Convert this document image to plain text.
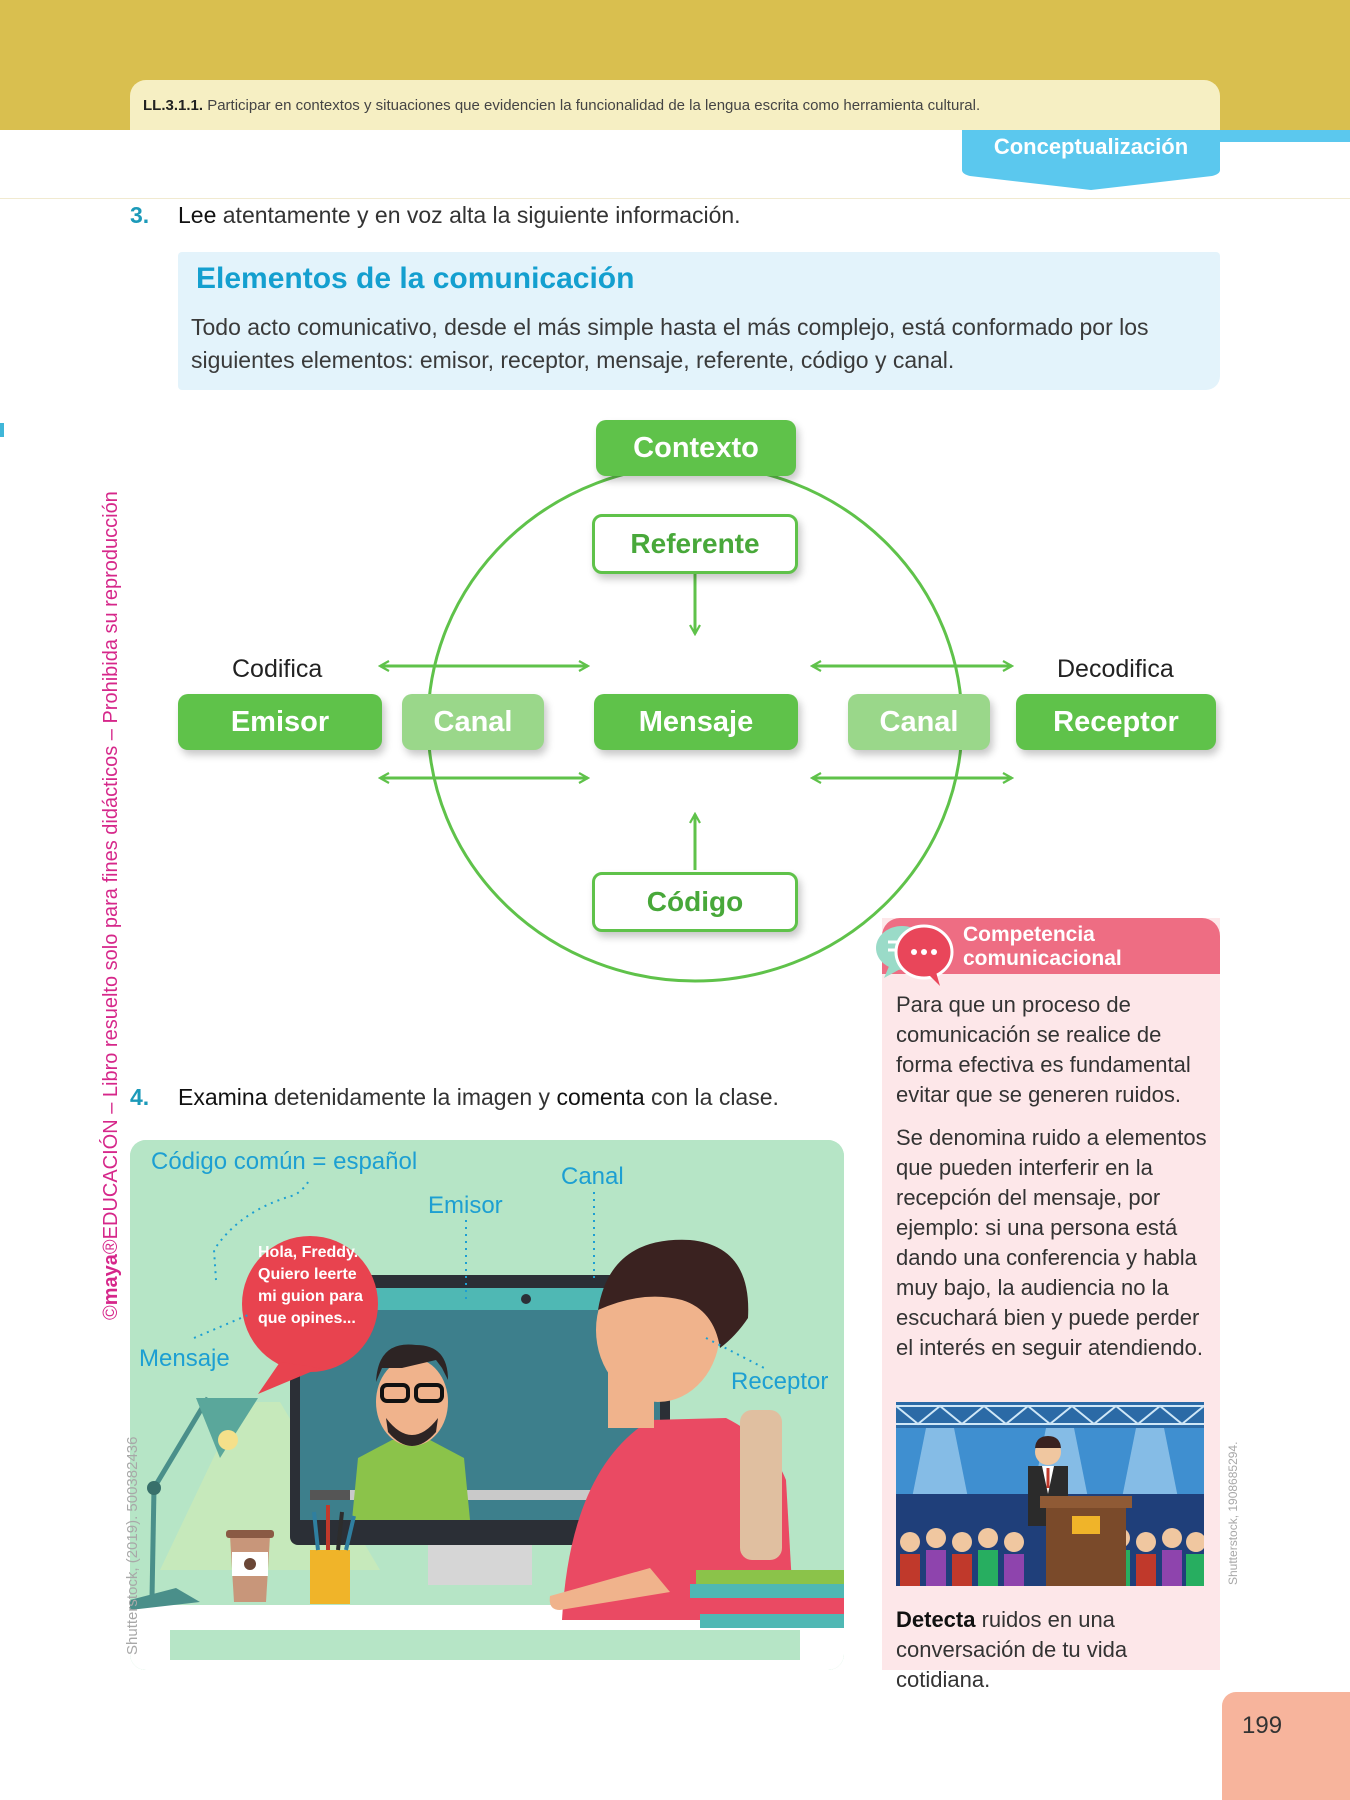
LL.3.1.1. Participar en contextos y situaciones que evidencien la funcionalidad de la lengua escrita como herramienta cultural.
Conceptualización
©maya®EDUCACIÓN – Libro resuelto solo para fines didácticos – Prohibida su reproducción
3. Lee atentamente y en voz alta la siguiente información.
Elementos de la comunicación
Todo acto comunicativo, desde el más simple hasta el más complejo, está conformado por los siguientes elementos: emisor, receptor, mensaje, referente, código y canal.
Contexto
Referente
Codifica	Decodifica
Emisor	Canal	Mensaje	Canal	Receptor
Código
4. Examina detenidamente la imagen y comenta con la clase.
Código común = español
Canal
Emisor
Mensaje
Receptor
Hola, Freddy. Quiero leerte mi guion para que opines...
Shutterstock, (2019). 500382436
Competencia
comunicacional
Para que un proceso de comunicación se realice de forma efectiva es fundamental evitar que se generen ruidos.
Se denomina ruido a elementos que pueden interferir en la recepción del mensaje, por ejemplo: si una persona está dando una conferencia y habla muy bajo, la audiencia no la escuchará bien y puede perder el interés en seguir atendiendo.
Detecta ruidos en una conversación de tu vida cotidiana.
Shutterstock, 1908685294.
199
